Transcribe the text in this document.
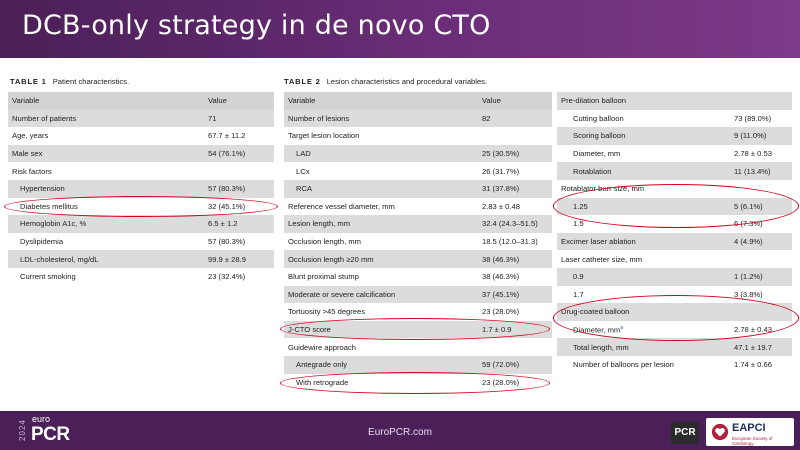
DCB-only strategy in de novo CTO
TABLE 1 Patient characteristics.
Variable	Value
Number of patients	71
Age, years	67.7 ± 11.2
Male sex	54 (76.1%)
Risk factors	
Hypertension	57 (80.3%)
Diabetes mellitus	32 (45.1%)
Hemoglobin A1c, %	6.5 ± 1.2
Dyslipidemia	57 (80.3%)
LDL-cholesterol, mg/dL	99.9 ± 28.9
Current smoking	23 (32.4%)
TABLE 2 Lesion characteristics and procedural variables.
Variable	Value
Number of lesions	82
Target lesion location	
LAD	25 (30.5%)
LCx	26 (31.7%)
RCA	31 (37.8%)
Reference vessel diameter, mm	2.83 ± 0.48
Lesion length, mm	32.4 (24.3–51.5)
Occlusion length, mm	18.5 (12.0–31.3)
Occlusion length ≥20 mm	38 (46.3%)
Blunt proximal stump	38 (46.3%)
Moderate or severe calcification	37 (45.1%)
Tortuosity >45 degrees	23 (28.0%)
J-CTO score	1.7 ± 0.9
Guidewire approach	
Antegrade only	59 (72.0%)
With retrograde	23 (28.0%)
Pre-dilation balloon	
Cutting balloon	73 (89.0%)
Scoring balloon	9 (11.0%)
Diameter, mm	2.78 ± 0.53
Rotablation	11 (13.4%)
Rotablator burr size, mm	
1.25	5 (6.1%)
1.5	6 (7.3%)
Excimer laser ablation	4 (4.9%)
Laser catheter size, mm	
0.9	1 (1.2%)
1.7	3 (3.8%)
Drug-coated balloon	
Diameter, $mm^a$	2.78 ± 0.43
Total length, mm	47.1 ± 19.7
Number of balloons per lesion	1.74 ± 0.66
2024
euro
PCR	EuroPCR.com	PCR	EAPCI
European Society of Cardiology
